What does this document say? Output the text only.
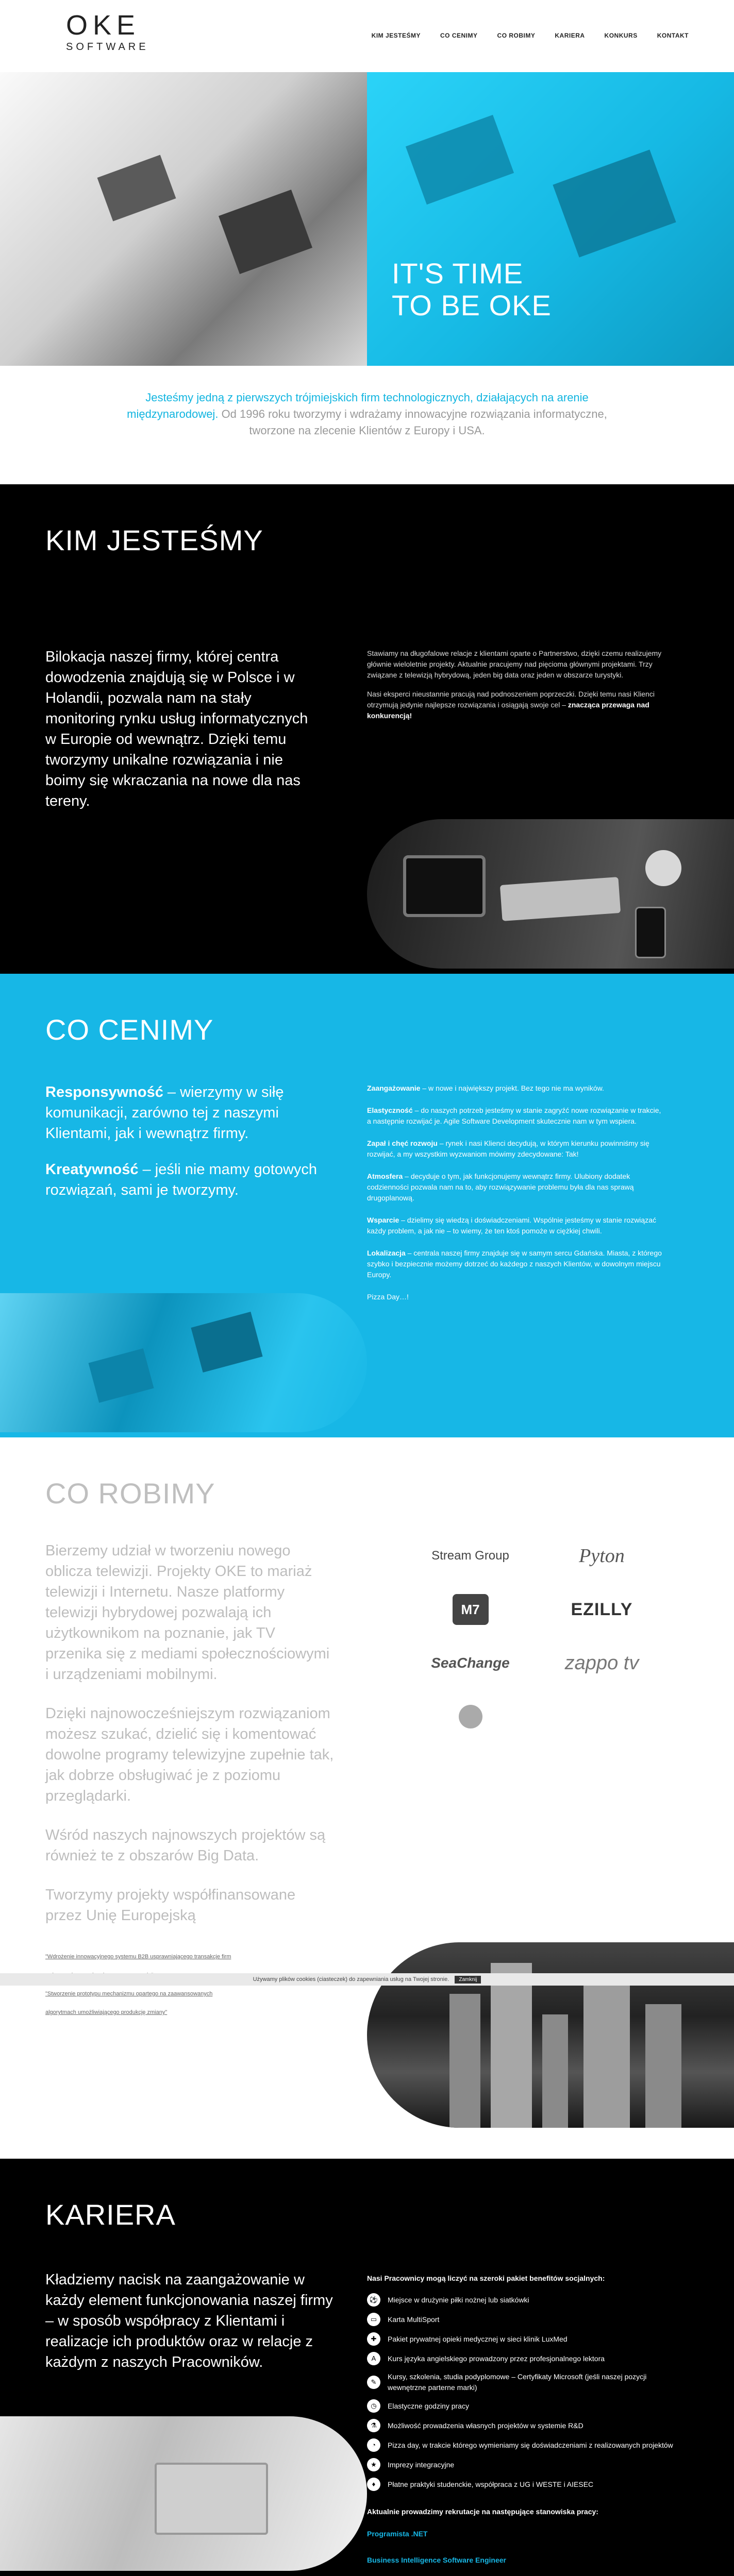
OKE
SOFTWARE
KIM JESTEŚMY	CO CENIMY	CO ROBIMY	KARIERA	KONKURS	KONTAKT
IT'S TIME
TO BE OKE
Jesteśmy jedną z pierwszych trójmiejskich firm technologicznych, działających na arenie międzynarodowej. Od 1996 roku tworzymy i wdrażamy innowacyjne rozwiązania informatyczne, tworzone na zlecenie Klientów z Europy i USA.
KIM JESTEŚMY
Bilokacja naszej firmy, której centra dowodzenia znajdują się w Polsce i w Holandii, pozwala nam na stały monitoring rynku usług informatycznych w Europie od wewnątrz. Dzięki temu tworzymy unikalne rozwiązania i nie boimy się wkraczania na nowe dla nas tereny.

Stawiamy na długofalowe relacje z klientami oparte o Partnerstwo, dzięki czemu realizujemy głównie wieloletnie projekty. Aktualnie pracujemy nad pięcioma głównymi projektami. Trzy związane z telewizją hybrydową, jeden big data oraz jeden w obszarze turystyki.

Nasi eksperci nieustannie pracują nad podnoszeniem poprzeczki. Dzięki temu nasi Klienci otrzymują jedynie najlepsze rozwiązania i osiągają swoje cel – znacząca przewaga nad konkurencją!

CO CENIMY

Responsywność – wierzymy w siłę komunikacji, zarówno tej z naszymi Klientami, jak i wewnątrz firmy.

Kreatywność – jeśli nie mamy gotowych rozwiązań, sami je tworzymy.

Zaangażowanie – w nowe i największy projekt. Bez tego nie ma wyników.

Elastyczność – do naszych potrzeb jesteśmy w stanie zagryźć nowe rozwiązanie w trakcie, a następnie rozwijać je. Agile Software Development skutecznie nam w tym wspiera.

Zapał i chęć rozwoju – rynek i nasi Klienci decydują, w którym kierunku powinniśmy się rozwijać, a my wszystkim wyzwaniom mówimy zdecydowane: Tak!

Atmosfera – decyduje o tym, jak funkcjonujemy wewnątrz firmy. Ulubiony dodatek codzienności pozwala nam na to, aby rozwiązywanie problemu była dla nas sprawą drugoplanową.

Wsparcie – dzielimy się wiedzą i doświadczeniami. Wspólnie jesteśmy w stanie rozwiązać każdy problem, a jak nie – to wiemy, że ten ktoś pomoże w ciężkiej chwili.

Lokalizacja – centrala naszej firmy znajduje się w samym sercu Gdańska. Miasta, z którego szybko i bezpiecznie możemy dotrzeć do każdego z naszych Klientów, w dowolnym miejscu Europy.

Pizza Day…!

CO ROBIMY

Bierzemy udział w tworzeniu nowego oblicza telewizji. Projekty OKE to mariaż telewizji i Internetu. Nasze platformy telewizji hybrydowej pozwalają ich użytkownikom na poznanie, jak TV przenika się z mediami społecznościowymi i urządzeniami mobilnymi.

Dzięki najnowocześniejszym rozwiązaniom możesz szukać, dzielić się i komentować dowolne programy telewizyjne zupełnie tak, jak dobrze obsługiwać je z poziomu przeglądarki.

Wśród naszych najnowszych projektów są również te z obszarów Big Data.

Tworzymy projekty współfinansowane przez Unię Europejską

Stream Group	Pyton
M7 Group
EZILLY
SeaChange	zappo tv
"Wdrożenie innowacyjnego systemu B2B usprawniającego transakcje firm

"Stworzenie prototypu mechanizmu opartego na zaawansowanych
algorytmach umożliwiającego produkcję zmiany"
Używamy plików cookies (ciasteczek) do zapewniania usług na Twojej stronie. Zamknij
KARIERA
Kładziemy nacisk na zaangażowanie w każdy element funkcjonowania naszej firmy – w sposób współpracy z Klientami i realizacje ich produktów oraz w relacje z każdym z naszych Pracowników.
Nasi Pracownicy mogą liczyć na szeroki pakiet benefitów socjalnych:
⚽	Miejsce w drużynie piłki nożnej lub siatkówki
▭	Karta MultiSport
✚	Pakiet prywatnej opieki medycznej w sieci klinik LuxMed
A	Kurs języka angielskiego prowadzony przez profesjonalnego lektora
✎
Kursy, szkolenia, studia podyplomowe – Certyfikaty Microsoft (jeśli naszej pozycji wewnętrzne parterne marki)
◷	Elastyczne godziny pracy
⚗	Możliwość prowadzenia własnych projektów w systemie R&D
◔	Pizza day, w trakcie którego wymieniamy się doświadczeniami z realizowanych projektów
★	Imprezy integracyjne
♦	Płatne praktyki studenckie, współpraca z UG i WESTE i AIESEC
Aktualnie prowadzimy rekrutacje na następujące stanowiska pracy:
Programista .NET
Business Intelligence Software Engineer
